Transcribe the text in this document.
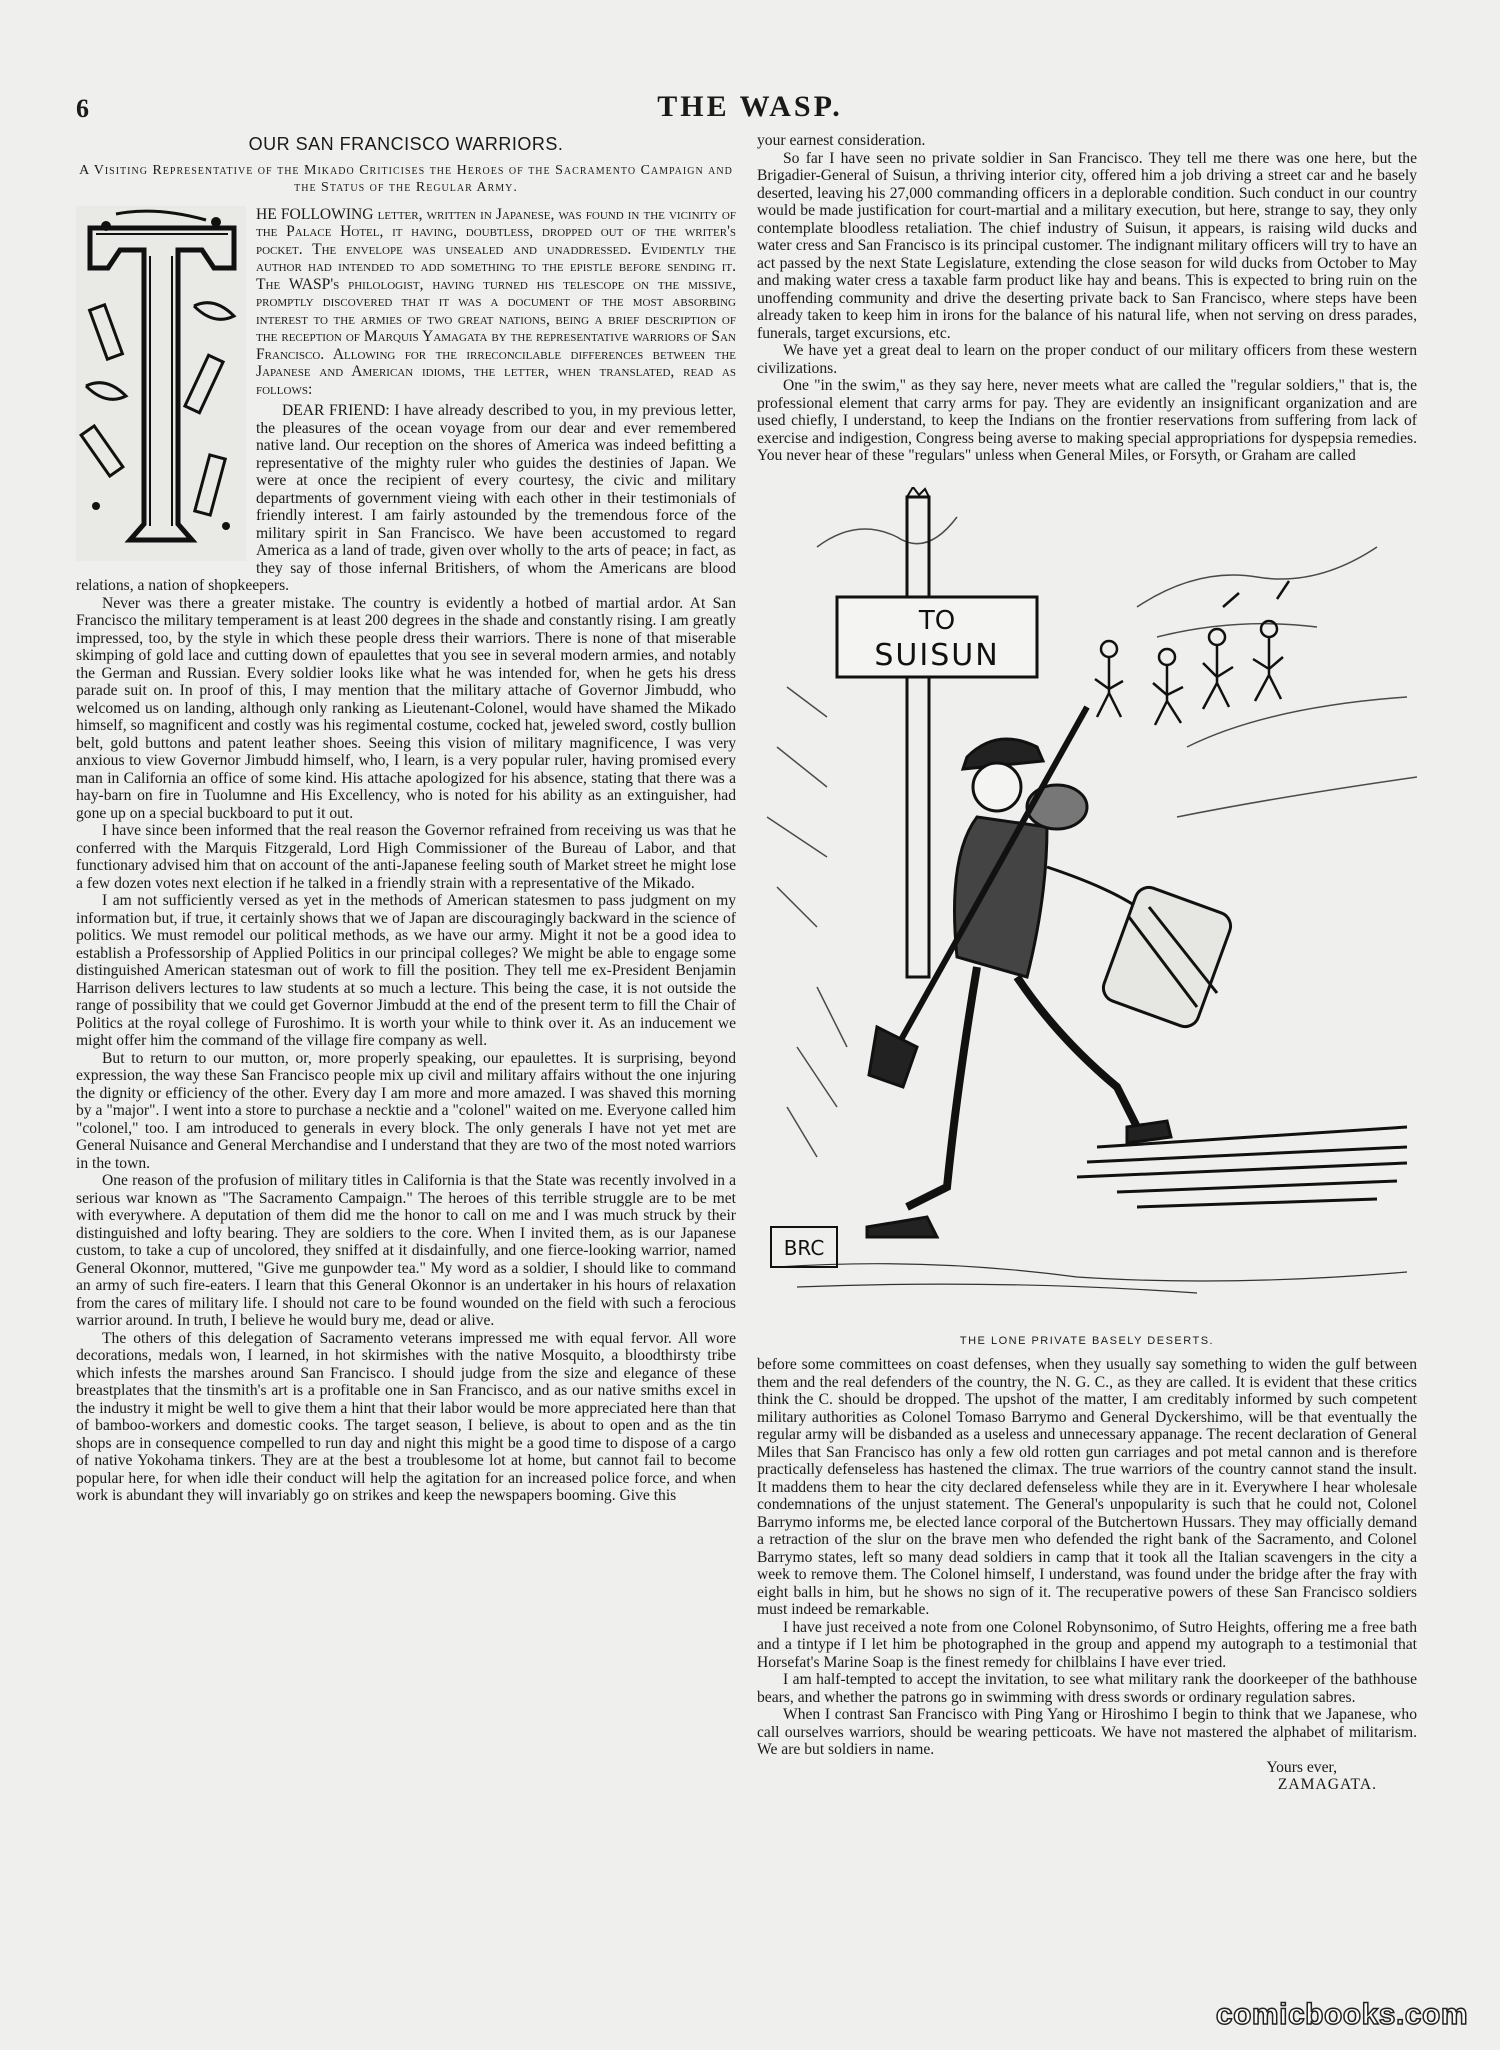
6	THE WASP.
OUR SAN FRANCISCO WARRIORS.
A Visiting Representative of the Mikado Criticises the Heroes of the Sacramento Campaign and the Status of the Regular Army.

HE FOLLOWING letter, written in Japanese, was found in the vicinity of the Palace Hotel, it having, doubtless, dropped out of the writer's pocket. The envelope was unsealed and unaddressed. Evidently the author had intended to add something to the epistle before sending it. The WASP's philologist, having turned his telescope on the missive, promptly discovered that it was a document of the most absorbing interest to the armies of two great nations, being a brief description of the reception of Marquis Yamagata by the representative warriors of San Francisco. Allowing for the irreconcilable differences between the Japanese and American idioms, the letter, when translated, read as follows:

DEAR FRIEND: I have already described to you, in my previous letter, the pleasures of the ocean voyage from our dear and ever remembered native land. Our reception on the shores of America was indeed befitting a representative of the mighty ruler who guides the destinies of Japan. We were at once the recipient of every courtesy, the civic and military departments of government vieing with each other in their testimonials of friendly interest. I am fairly astounded by the tremendous force of the military spirit in San Francisco. We have been accustomed to regard America as a land of trade, given over wholly to the arts of peace; in fact, as they say of those infernal Britishers, of whom the Americans are blood relations, a nation of shopkeepers.

Never was there a greater mistake. The country is evidently a hotbed of martial ardor. At San Francisco the military temperament is at least 200 degrees in the shade and constantly rising. I am greatly impressed, too, by the style in which these people dress their warriors. There is none of that miserable skimping of gold lace and cutting down of epaulettes that you see in several modern armies, and notably the German and Russian. Every soldier looks like what he was intended for, when he gets his dress parade suit on. In proof of this, I may mention that the military attache of Governor Jimbudd, who welcomed us on landing, although only ranking as Lieutenant-Colonel, would have shamed the Mikado himself, so magnificent and costly was his regimental costume, cocked hat, jeweled sword, costly bullion belt, gold buttons and patent leather shoes. Seeing this vision of military magnificence, I was very anxious to view Governor Jimbudd himself, who, I learn, is a very popular ruler, having promised every man in California an office of some kind. His attache apologized for his absence, stating that there was a hay-barn on fire in Tuolumne and His Excellency, who is noted for his ability as an extinguisher, had gone up on a special buckboard to put it out.

I have since been informed that the real reason the Governor refrained from receiving us was that he conferred with the Marquis Fitzgerald, Lord High Commissioner of the Bureau of Labor, and that functionary advised him that on account of the anti-Japanese feeling south of Market street he might lose a few dozen votes next election if he talked in a friendly strain with a representative of the Mikado.

I am not sufficiently versed as yet in the methods of American statesmen to pass judgment on my information but, if true, it certainly shows that we of Japan are discouragingly backward in the science of politics. We must remodel our political methods, as we have our army. Might it not be a good idea to establish a Professorship of Applied Politics in our principal colleges? We might be able to engage some distinguished American statesman out of work to fill the position. They tell me ex-President Benjamin Harrison delivers lectures to law students at so much a lecture. This being the case, it is not outside the range of possibility that we could get Governor Jimbudd at the end of the present term to fill the Chair of Politics at the royal college of Furoshimo. It is worth your while to think over it. As an inducement we might offer him the command of the village fire company as well.

But to return to our mutton, or, more properly speaking, our epaulettes. It is surprising, beyond expression, the way these San Francisco people mix up civil and military affairs without the one injuring the dignity or efficiency of the other. Every day I am more and more amazed. I was shaved this morning by a "major". I went into a store to purchase a necktie and a "colonel" waited on me. Everyone called him "colonel," too. I am introduced to generals in every block. The only generals I have not yet met are General Nuisance and General Merchandise and I understand that they are two of the most noted warriors in the town.

One reason of the profusion of military titles in California is that the State was recently involved in a serious war known as "The Sacramento Campaign." The heroes of this terrible struggle are to be met with everywhere. A deputation of them did me the honor to call on me and I was much struck by their distinguished and lofty bearing. They are soldiers to the core. When I invited them, as is our Japanese custom, to take a cup of uncolored, they sniffed at it disdainfully, and one fierce-looking warrior, named General Okonnor, muttered, "Give me gunpowder tea." My word as a soldier, I should like to command an army of such fire-eaters. I learn that this General Okonnor is an undertaker in his hours of relaxation from the cares of military life. I should not care to be found wounded on the field with such a ferocious warrior around. In truth, I believe he would bury me, dead or alive.

The others of this delegation of Sacramento veterans impressed me with equal fervor. All wore decorations, medals won, I learned, in hot skirmishes with the native Mosquito, a bloodthirsty tribe which infests the marshes around San Francisco. I should judge from the size and elegance of these breastplates that the tinsmith's art is a profitable one in San Francisco, and as our native smiths excel in the industry it might be well to give them a hint that their labor would be more appreciated here than that of bamboo-workers and domestic cooks. The target season, I believe, is about to open and as the tin shops are in consequence compelled to run day and night this might be a good time to dispose of a cargo of native Yokohama tinkers. They are at the best a troublesome lot at home, but cannot fail to become popular here, for when idle their conduct will help the agitation for an increased police force, and when work is abundant they will invariably go on strikes and keep the newspapers booming. Give this

your earnest consideration.

So far I have seen no private soldier in San Francisco. They tell me there was one here, but the Brigadier-General of Suisun, a thriving interior city, offered him a job driving a street car and he basely deserted, leaving his 27,000 commanding officers in a deplorable condition. Such conduct in our country would be made justification for court-martial and a military execution, but here, strange to say, they only contemplate bloodless retaliation. The chief industry of Suisun, it appears, is raising wild ducks and water cress and San Francisco is its principal customer. The indignant military officers will try to have an act passed by the next State Legislature, extending the close season for wild ducks from October to May and making water cress a taxable farm product like hay and beans. This is expected to bring ruin on the unoffending community and drive the deserting private back to San Francisco, where steps have been already taken to keep him in irons for the balance of his natural life, when not serving on dress parades, funerals, target excursions, etc.

We have yet a great deal to learn on the proper conduct of our military officers from these western civilizations.

One "in the swim," as they say here, never meets what are called the "regular soldiers," that is, the professional element that carry arms for pay. They are evidently an insignificant organization and are used chiefly, I understand, to keep the Indians on the frontier reservations from suffering from lack of exercise and indigestion, Congress being averse to making special appropriations for dyspepsia remedies. You never hear of these "regulars" unless when General Miles, or Forsyth, or Graham are called

TO
SUISUN
BRC
THE LONE PRIVATE BASELY DESERTS.

before some committees on coast defenses, when they usually say something to widen the gulf between them and the real defenders of the country, the N. G. C., as they are called. It is evident that these critics think the C. should be dropped. The upshot of the matter, I am creditably informed by such competent military authorities as Colonel Tomaso Barrymo and General Dyckershimo, will be that eventually the regular army will be disbanded as a useless and unnecessary appanage. The recent declaration of General Miles that San Francisco has only a few old rotten gun carriages and pot metal cannon and is therefore practically defenseless has hastened the climax. The true warriors of the country cannot stand the insult. It maddens them to hear the city declared defenseless while they are in it. Everywhere I hear wholesale condemnations of the unjust statement. The General's unpopularity is such that he could not, Colonel Barrymo informs me, be elected lance corporal of the Butchertown Hussars. They may officially demand a retraction of the slur on the brave men who defended the right bank of the Sacramento, and Colonel Barrymo states, left so many dead soldiers in camp that it took all the Italian scavengers in the city a week to remove them. The Colonel himself, I understand, was found under the bridge after the fray with eight balls in him, but he shows no sign of it. The recuperative powers of these San Francisco soldiers must indeed be remarkable.

I have just received a note from one Colonel Robynsonimo, of Sutro Heights, offering me a free bath and a tintype if I let him be photographed in the group and append my autograph to a testimonial that Horsefat's Marine Soap is the finest remedy for chilblains I have ever tried.

I am half-tempted to accept the invitation, to see what military rank the doorkeeper of the bathhouse bears, and whether the patrons go in swimming with dress swords or ordinary regulation sabres.

When I contrast San Francisco with Ping Yang or Hiroshimo I begin to think that we Japanese, who call ourselves warriors, should be wearing petticoats. We have not mastered the alphabet of militarism. We are but soldiers in name.

Yours ever,
ZAMAGATA.
comicbooks.com
